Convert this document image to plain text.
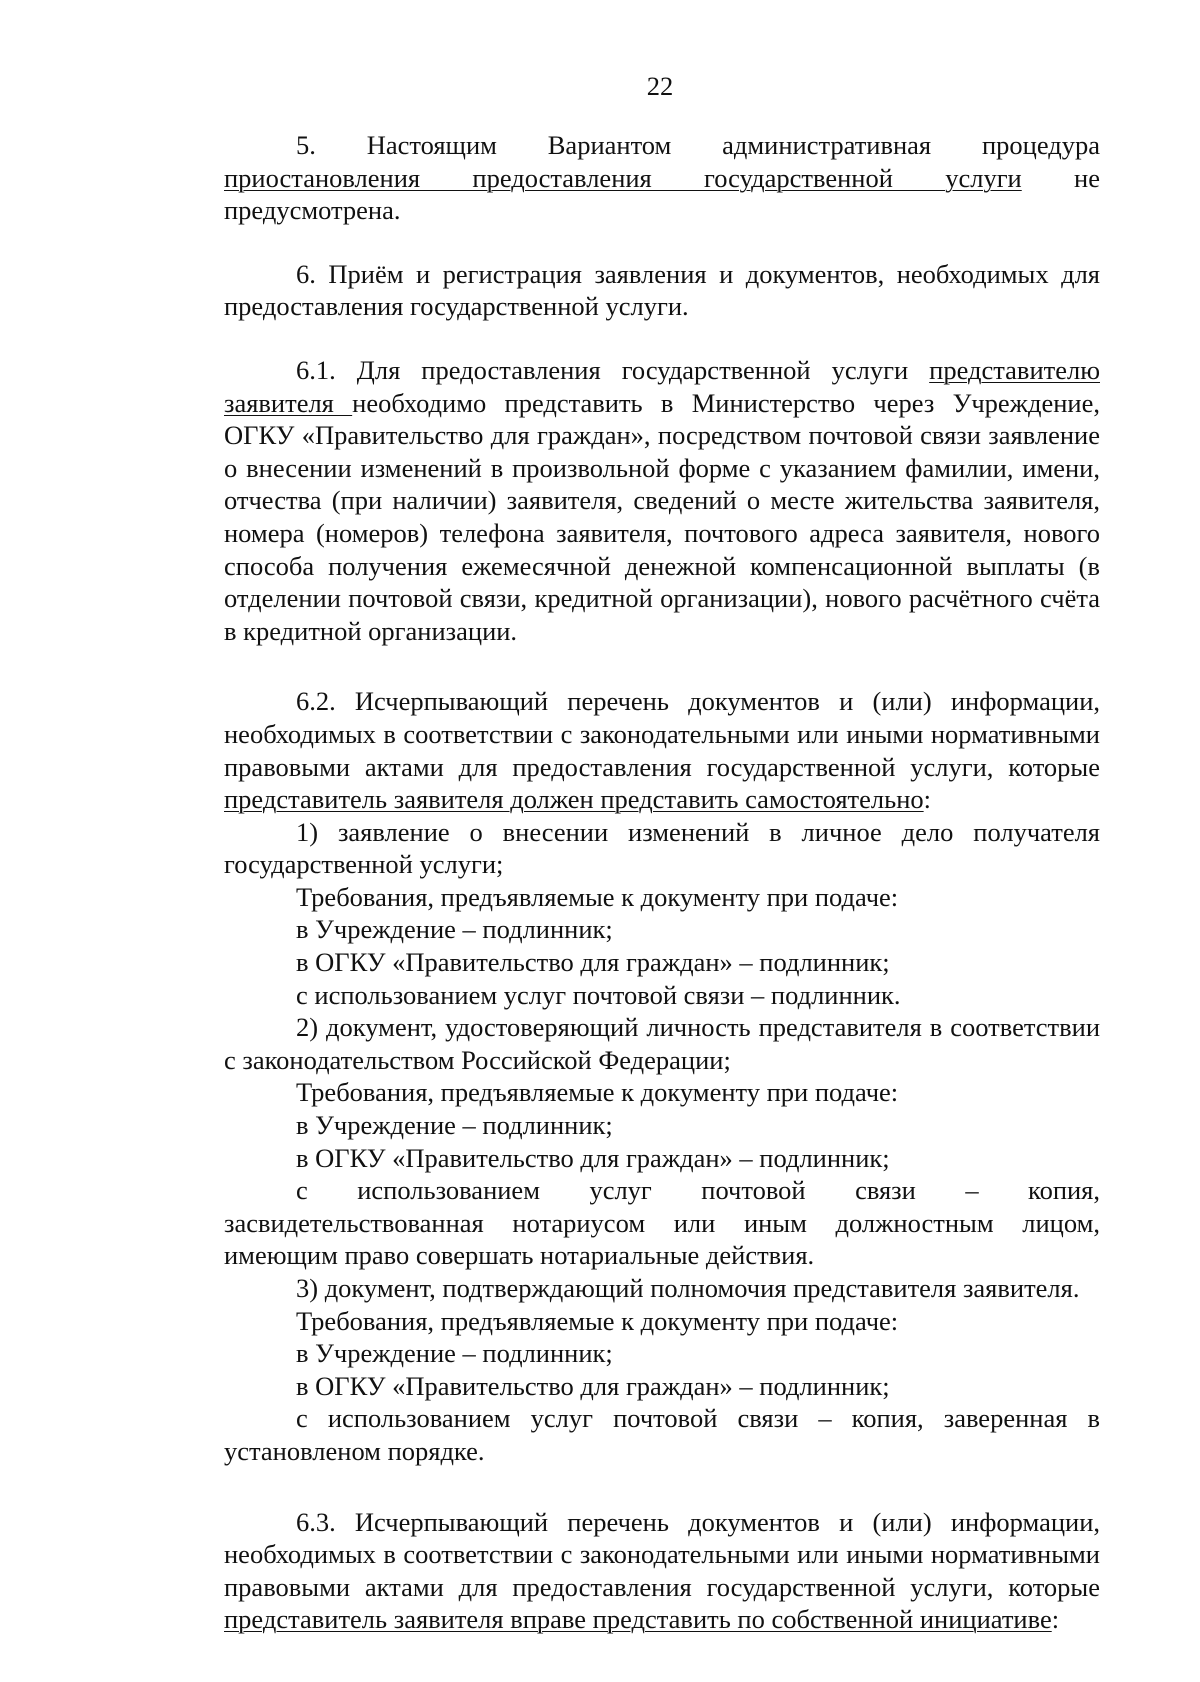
22

5. Настоящим Вариантом административная процедура приостановления предоставления государственной услуги не предусмотрена.

6. Приём и регистрация заявления и документов, необходимых для предоставления государственной услуги.

6.1. Для предоставления государственной услуги представителю заявителя необходимо представить в Министерство через Учреждение, ОГКУ «Правительство для граждан», посредством почтовой связи заявление о внесении изменений в произвольной форме с указанием фамилии, имени, отчества (при наличии) заявителя, сведений о месте жительства заявителя, номера (номеров) телефона заявителя, почтового адреса заявителя, нового способа получения ежемесячной денежной компенсационной выплаты (в отделении почтовой связи, кредитной организации), нового расчётного счёта в кредитной организации.

6.2. Исчерпывающий перечень документов и (или) информации, необходимых в соответствии с законодательными или иными нормативными правовыми актами для предоставления государственной услуги, которые представитель заявителя должен представить самостоятельно:

1) заявление о внесении изменений в личное дело получателя государственной услуги;

Требования, предъявляемые к документу при подаче:

в Учреждение – подлинник;

в ОГКУ «Правительство для граждан» – подлинник;

с использованием услуг почтовой связи – подлинник.

2) документ, удостоверяющий личность представителя в соответствии с законодательством Российской Федерации;

Требования, предъявляемые к документу при подаче:

в Учреждение – подлинник;

в ОГКУ «Правительство для граждан» – подлинник;

с использованием услуг почтовой связи – копия, засвидетельствованная нотариусом или иным должностным лицом, имеющим право совершать нотариальные действия.

3) документ, подтверждающий полномочия представителя заявителя.

Требования, предъявляемые к документу при подаче:

в Учреждение – подлинник;

в ОГКУ «Правительство для граждан» – подлинник;

с использованием услуг почтовой связи – копия, заверенная в установленом порядке.

6.3. Исчерпывающий перечень документов и (или) информации, необходимых в соответствии с законодательными или иными нормативными правовыми актами для предоставления государственной услуги, которые представитель заявителя вправе представить по собственной инициативе:
